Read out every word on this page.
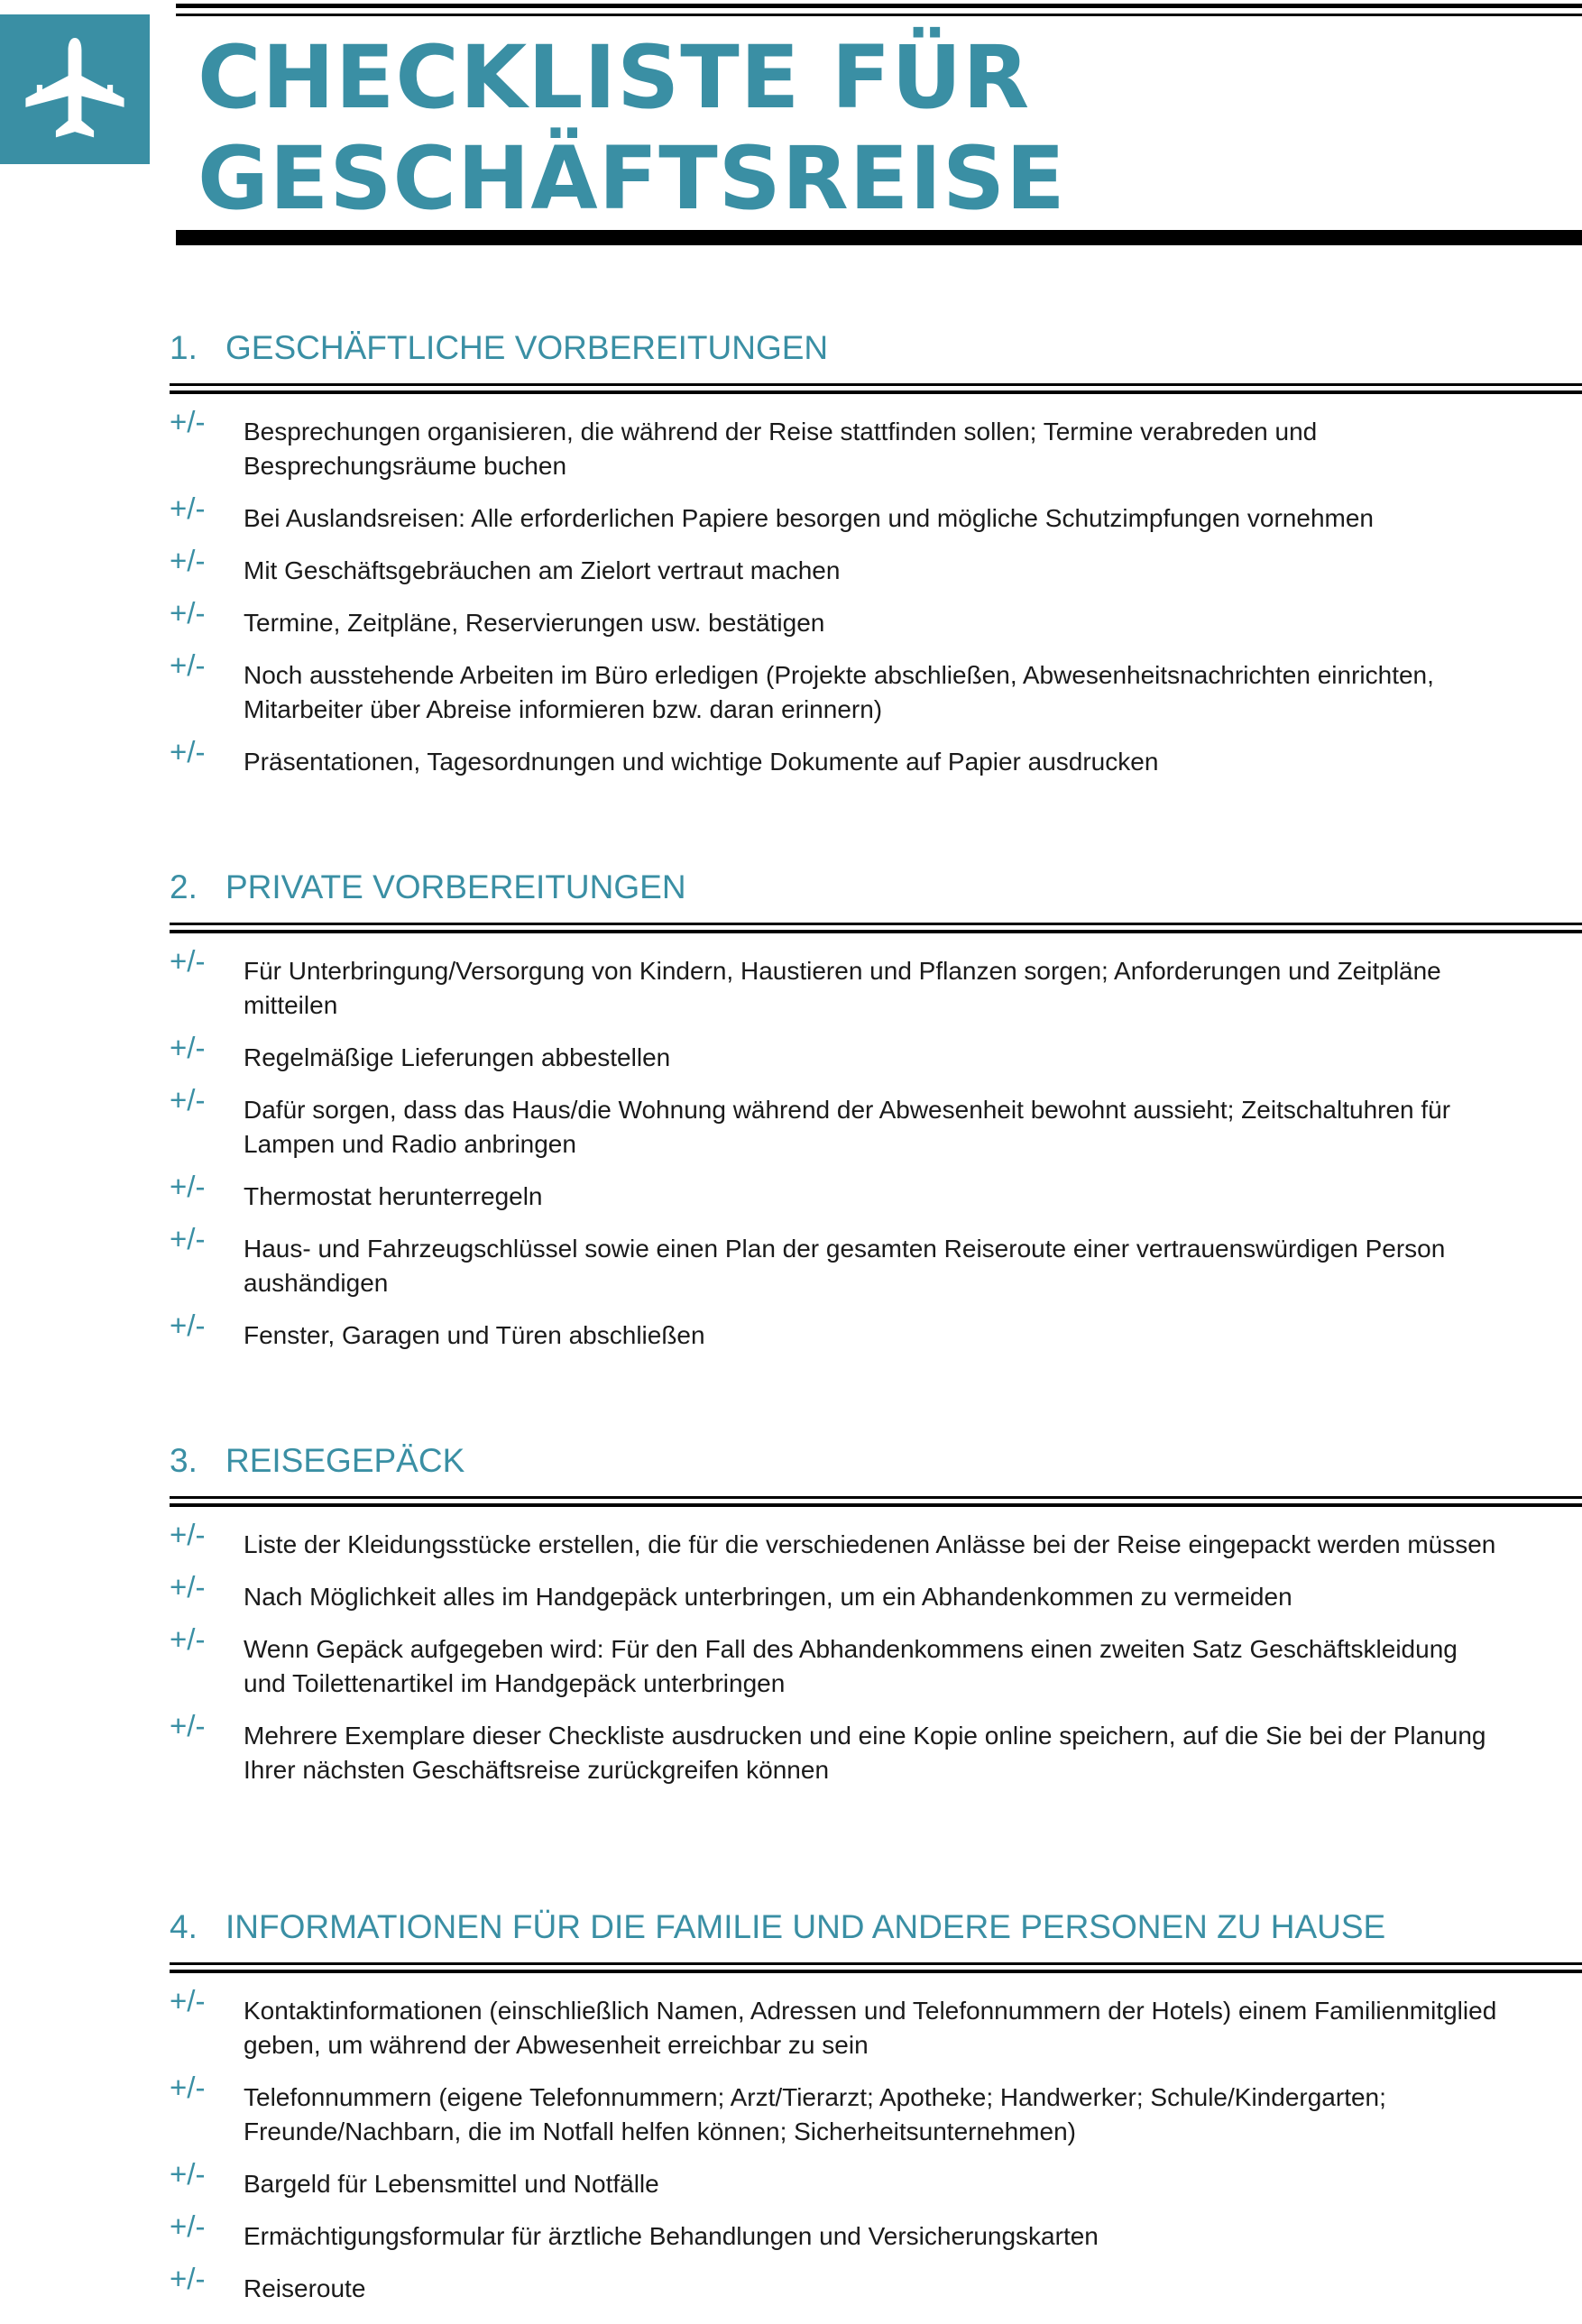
CHECKLISTE FÜR
GESCHÄFTSREISE
1. GESCHÄFTLICHE VORBEREITUNGEN
+/- Besprechungen organisieren, die während der Reise stattfinden sollen; Termine verabreden und Besprechungsräume buchen
+/- Bei Auslandsreisen: Alle erforderlichen Papiere besorgen und mögliche Schutzimpfungen vornehmen
+/- Mit Geschäftsgebräuchen am Zielort vertraut machen
+/- Termine, Zeitpläne, Reservierungen usw. bestätigen
+/- Noch ausstehende Arbeiten im Büro erledigen (Projekte abschließen, Abwesenheitsnachrichten einrichten, Mitarbeiter über Abreise informieren bzw. daran erinnern)
+/- Präsentationen, Tagesordnungen und wichtige Dokumente auf Papier ausdrucken
2. PRIVATE VORBEREITUNGEN
+/- Für Unterbringung/Versorgung von Kindern, Haustieren und Pflanzen sorgen; Anforderungen und Zeitpläne mitteilen
+/- Regelmäßige Lieferungen abbestellen
+/- Dafür sorgen, dass das Haus/die Wohnung während der Abwesenheit bewohnt aussieht; Zeitschaltuhren für Lampen und Radio anbringen
+/- Thermostat herunterregeln
+/- Haus- und Fahrzeugschlüssel sowie einen Plan der gesamten Reiseroute einer vertrauenswürdigen Person aushändigen
+/- Fenster, Garagen und Türen abschließen
3. REISEGEPÄCK
+/- Liste der Kleidungsstücke erstellen, die für die verschiedenen Anlässe bei der Reise eingepackt werden müssen
+/- Nach Möglichkeit alles im Handgepäck unterbringen, um ein Abhandenkommen zu vermeiden
+/- Wenn Gepäck aufgegeben wird: Für den Fall des Abhandenkommens einen zweiten Satz Geschäftskleidung und Toilettenartikel im Handgepäck unterbringen
+/- Mehrere Exemplare dieser Checkliste ausdrucken und eine Kopie online speichern, auf die Sie bei der Planung Ihrer nächsten Geschäftsreise zurückgreifen können
4. INFORMATIONEN FÜR DIE FAMILIE UND ANDERE PERSONEN ZU HAUSE
+/- Kontaktinformationen (einschließlich Namen, Adressen und Telefonnummern der Hotels) einem Familienmitglied geben, um während der Abwesenheit erreichbar zu sein
+/- Telefonnummern (eigene Telefonnummern; Arzt/Tierarzt; Apotheke; Handwerker; Schule/Kindergarten; Freunde/Nachbarn, die im Notfall helfen können; Sicherheitsunternehmen)
+/- Bargeld für Lebensmittel und Notfälle
+/- Ermächtigungsformular für ärztliche Behandlungen und Versicherungskarten
+/- Reiseroute
